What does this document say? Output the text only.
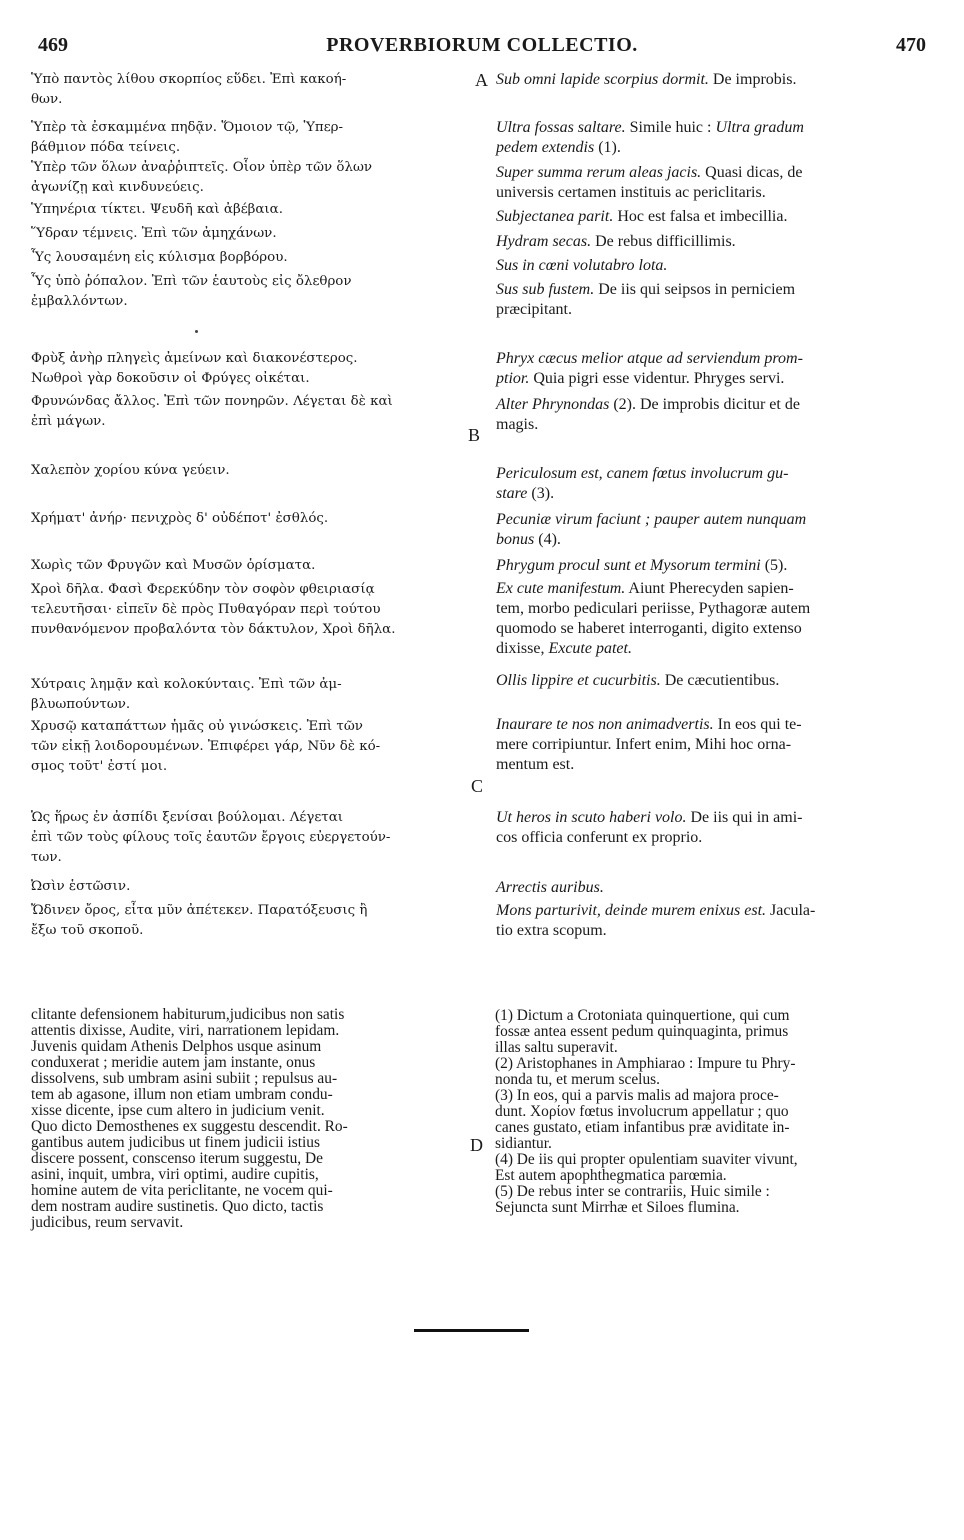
469	PROVERBIORUM COLLECTIO.	470
A
B
C
D

Ὑπὸ παντὸς λίθου σκορπίος εὕδει. Ἐπὶ κακοή-
θων.

Ὑπὲρ τὰ ἐσκαμμένα πηδᾷν. Ὅμοιον τῷ, Ὑπερ-
βάθμιον πόδα τείνεις.

Ὑπὲρ τῶν ὅλων ἀναῤῥιπτεῖς. Οἷον ὑπὲρ τῶν ὅλων
ἀγωνίζῃ καὶ κινδυνεύεις.

Ὑπηνέρια τίκτει. Ψευδῆ καὶ ἀβέβαια.

Ὕδραν τέμνεις. Ἐπὶ τῶν ἀμηχάνων.

Ὗς λουσαμένη εἰς κύλισμα βορβόρου.

Ὗς ὑπὸ ῥόπαλον. Ἐπὶ τῶν ἑαυτοὺς εἰς ὄλεθρον
ἐμβαλλόντων.

Φρὺξ ἀνὴρ πληγεὶς ἀμείνων καὶ διακονέστερος.
Νωθροὶ γὰρ δοκοῦσιν οἱ Φρύγες οἰκέται.

Φρυνώνδας ἄλλος. Ἐπὶ τῶν πονηρῶν. Λέγεται δὲ καὶ
ἐπὶ μάγων.

Χαλεπὸν χορίου κύνα γεύειν.

Χρήματ' ἀνήρ· πενιχρὸς δ' οὐδέποτ' ἐσθλός.

Χωρὶς τῶν Φρυγῶν καὶ Μυσῶν ὁρίσματα.

Χροὶ δῆλα. Φασὶ Φερεκύδην τὸν σοφὸν φθειριασίᾳ
τελευτῆσαι· εἰπεῖν δὲ πρὸς Πυθαγόραν περὶ τούτου
πυνθανόμενον προβαλόντα τὸν δάκτυλον, Χροὶ δῆλα.

Χύτραις λημᾷν καὶ κολοκύνταις. Ἐπὶ τῶν ἀμ-
βλυωπούντων.

Χρυσῷ καταπάττων ἡμᾶς οὐ γινώσκεις. Ἐπὶ τῶν
τῶν εἰκῇ λοιδορουμένων. Ἐπιφέρει γάρ, Νῦν δὲ κό-
σμος τοῦτ' ἐστί μοι.

Ὡς ἥρως ἐν ἀσπίδι ξενίσαι βούλομαι. Λέγεται
ἐπὶ τῶν τοὺς φίλους τοῖς ἑαυτῶν ἔργοις εὐεργετούν-
των.

Ὠσὶν ἑστῶσιν.

Ὤδινεν ὄρος, εἶτα μῦν ἀπέτεκεν. Παρατόξευσις ἢ
ἔξω τοῦ σκοποῦ.

Sub omni lapide scorpius dormit. De improbis.

Ultra fossas saltare. Simile huic : Ultra gradum
pedem extendis (1).

Super summa rerum aleas jacis. Quasi dicas, de
universis certamen instituis ac periclitaris.

Subjectanea parit. Hoc est falsa et imbecillia.

Hydram secas. De rebus difficillimis.

Sus in cœni volutabro lota.

Sus sub fustem. De iis qui seipsos in perniciem
præcipitant.

Phryx cæcus melior atque ad serviendum prom-
ptior. Quia pigri esse videntur. Phryges servi.

Alter Phrynondas (2). De improbis dicitur et de
magis.

Periculosum est, canem fœtus involucrum gu-
stare (3).

Pecuniæ virum faciunt ; pauper autem nunquam
bonus (4).

Phrygum procul sunt et Mysorum termini (5).

Ex cute manifestum. Aiunt Pherecyden sapien-
tem, morbo pediculari periisse, Pythagoræ autem
quomodo se haberet interroganti, digito extenso
dixisse, Excute patet.

Ollis lippire et cucurbitis. De cæcutientibus.

Inaurare te nos non animadvertis. In eos qui te-
mere corripiuntur. Infert enim, Mihi hoc orna-
mentum est.

Ut heros in scuto haberi volo. De iis qui in ami-
cos officia conferunt ex proprio.

Arrectis auribus.

Mons parturivit, deinde murem enixus est. Jacula-
tio extra scopum.

clitante defensionem habiturum,judicibus non satis
attentis dixisse, Audite, viri, narrationem lepidam.
Juvenis quidam Athenis Delphos usque asinum
conduxerat ; meridie autem jam instante, onus
dissolvens, sub umbram asini subiit ; repulsus au-
tem ab agasone, illum non etiam umbram condu-
xisse dicente, ipse cum altero in judicium venit.
Quo dicto Demosthenes ex suggestu descendit. Ro-
gantibus autem judicibus ut finem judicii istius
discere possent, conscenso iterum suggestu, De
asini, inquit, umbra, viri optimi, audire cupitis,
homine autem de vita periclitante, ne vocem qui-
dem nostram audire sustinetis. Quo dicto, tactis
judicibus, reum servavit.

(1) Dictum a Crotoniata quinquertione, qui cum
fossæ antea essent pedum quinquaginta, primus
illas saltu superavit.

(2) Aristophanes in Amphiarao : Impure tu Phry-
nonda tu, et merum scelus.

(3) In eos, qui a parvis malis ad majora proce-
dunt. Χορίον fœtus involucrum appellatur ; quo
canes gustato, etiam infantibus præ aviditate in-
sidiantur.

(4) De iis qui propter opulentiam suaviter vivunt,
Est autem apophthegmatica parœmia.

(5) De rebus inter se contrariis, Huic simile :
Sejuncta sunt Mirrhæ et Siloes flumina.
